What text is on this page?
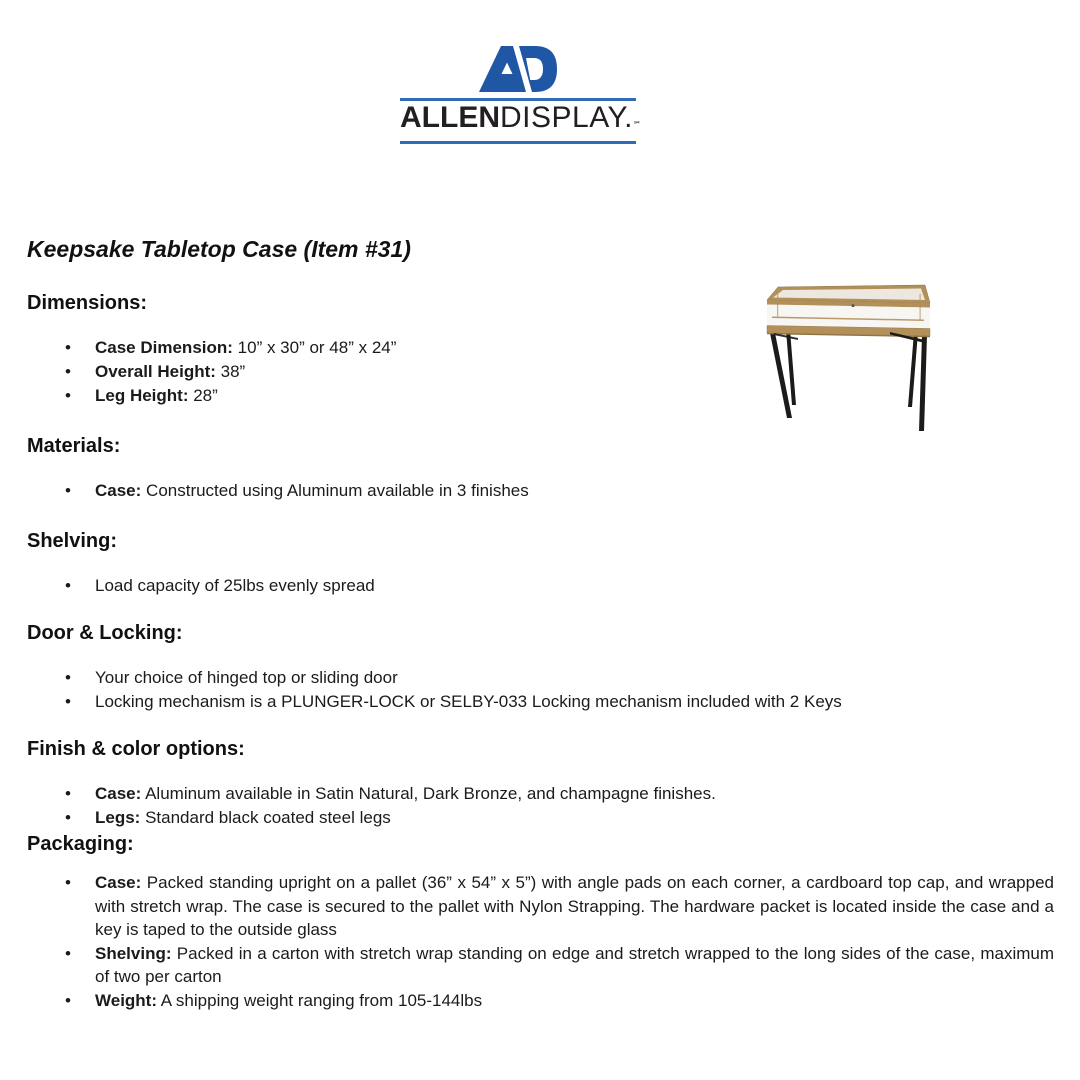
ALLENDISPLAY.℠
Keepsake Tabletop Case (Item #31)
Dimensions:
• Case Dimension: 10” x 30” or 48” x 24”
• Overall Height: 38”
• Leg Height: 28”
Materials:
• Case: Constructed using Aluminum available in 3 finishes
Shelving:
• Load capacity of 25lbs evenly spread
Door & Locking:
• Your choice of hinged top or sliding door
• Locking mechanism is a PLUNGER-LOCK or SELBY-033 Locking mechanism included with 2 Keys
Finish & color options:
• Case: Aluminum available in Satin Natural, Dark Bronze, and champagne finishes.
• Legs: Standard black coated steel legs
Packaging:
• Case: Packed standing upright on a pallet (36” x 54” x 5”) with angle pads on each corner, a cardboard top cap, and wrapped with stretch wrap. The case is secured to the pallet with Nylon Strapping. The hardware packet is located inside the case and a key is taped to the outside glass
• Shelving: Packed in a carton with stretch wrap standing on edge and stretch wrapped to the long sides of the case, maximum of two per carton
• Weight: A shipping weight ranging from 105-144lbs
